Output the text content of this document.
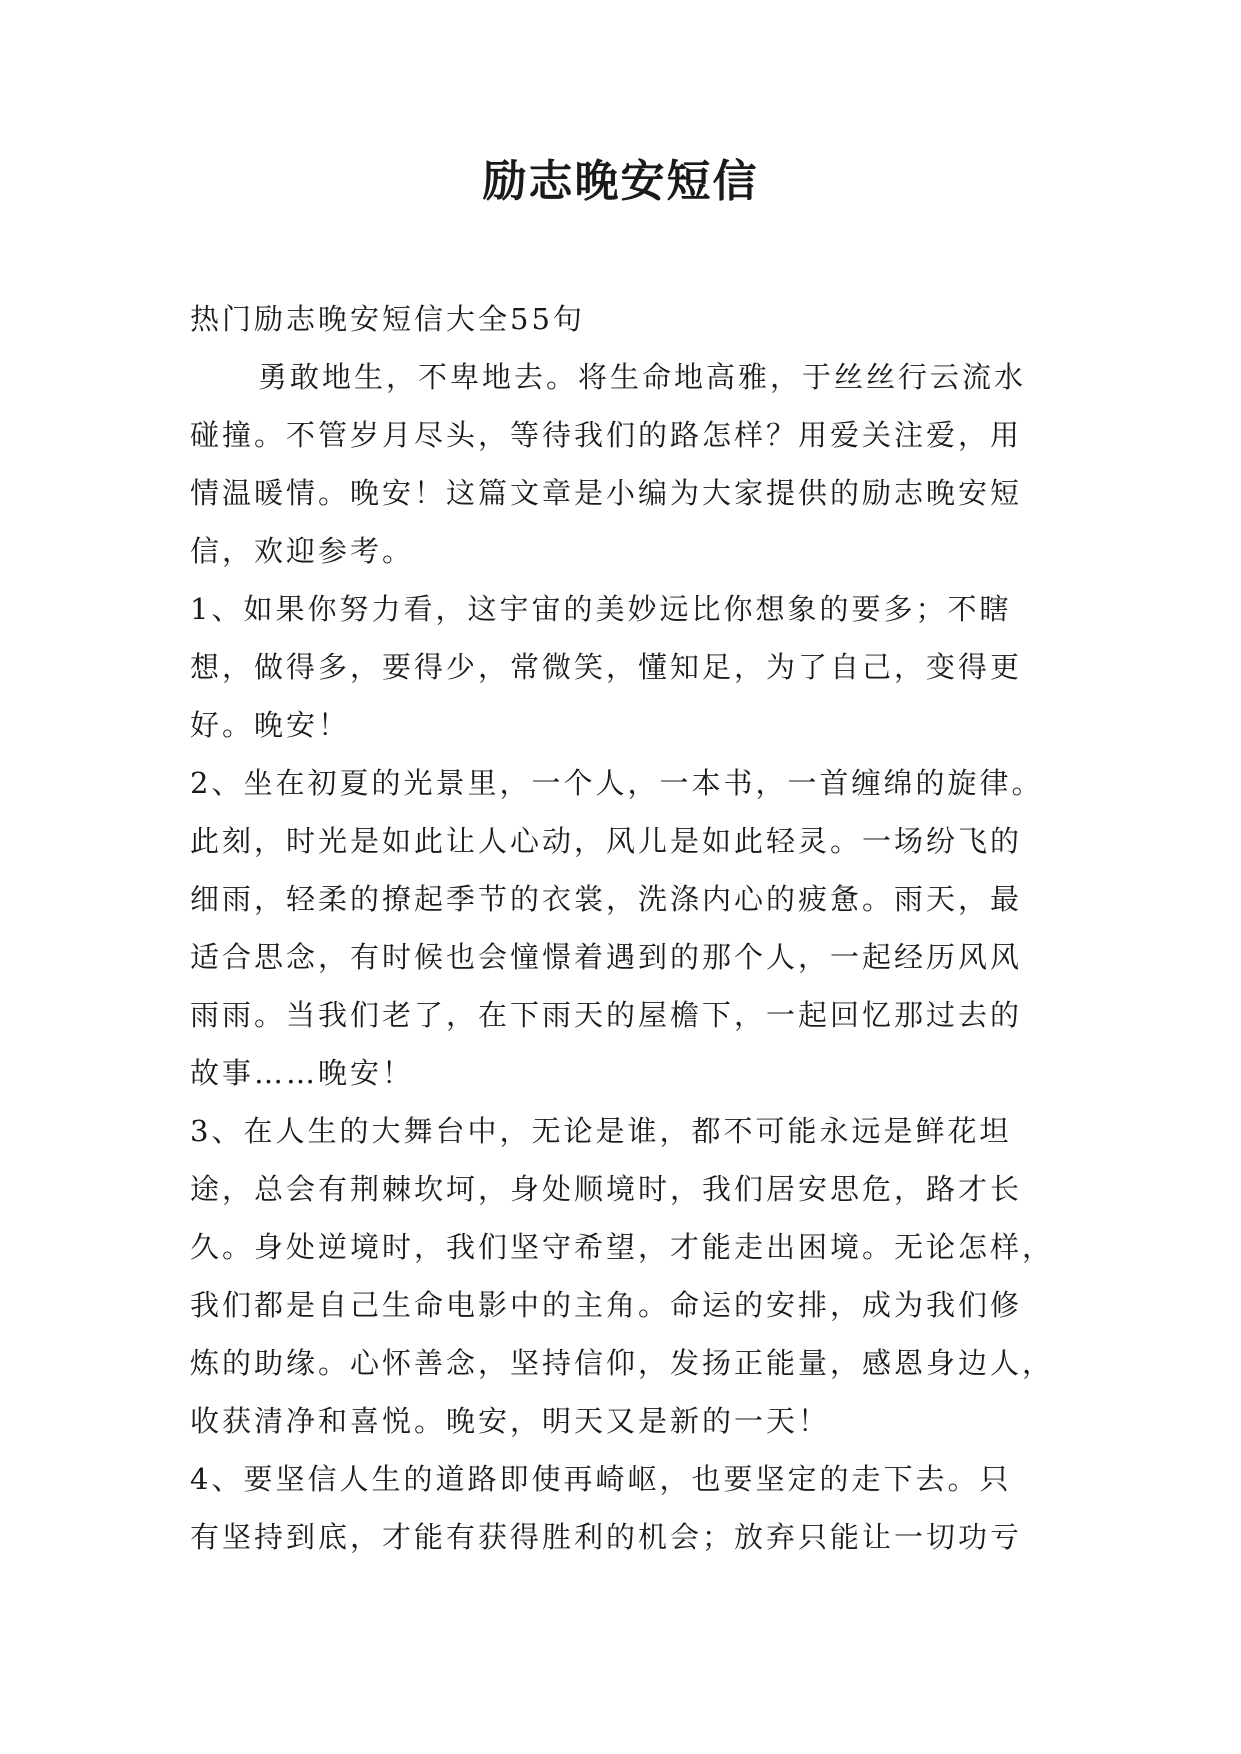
励志晚安短信
热门励志晚安短信大全55句
勇敢地生，不卑地去。将生命地高雅，于丝丝行云流水
碰撞。不管岁月尽头，等待我们的路怎样？用爱关注爱，用
情温暖情。晚安！这篇文章是小编为大家提供的励志晚安短
信，欢迎参考。
1、如果你努力看，这宇宙的美妙远比你想象的要多；不瞎
想，做得多，要得少，常微笑，懂知足，为了自己，变得更
好。晚安！
2、坐在初夏的光景里，一个人，一本书，一首缠绵的旋律。
此刻，时光是如此让人心动，风儿是如此轻灵。一场纷飞的
细雨，轻柔的撩起季节的衣裳，洗涤内心的疲惫。雨天，最
适合思念，有时候也会憧憬着遇到的那个人，一起经历风风
雨雨。当我们老了，在下雨天的屋檐下，一起回忆那过去的
故事……晚安！
3、在人生的大舞台中，无论是谁，都不可能永远是鲜花坦
途，总会有荆棘坎坷，身处顺境时，我们居安思危，路才长
久。身处逆境时，我们坚守希望，才能走出困境。无论怎样，
我们都是自己生命电影中的主角。命运的安排，成为我们修
炼的助缘。心怀善念，坚持信仰，发扬正能量，感恩身边人，
收获清净和喜悦。晚安，明天又是新的一天！
4、要坚信人生的道路即使再崎岖，也要坚定的走下去。只
有坚持到底，才能有获得胜利的机会；放弃只能让一切功亏
